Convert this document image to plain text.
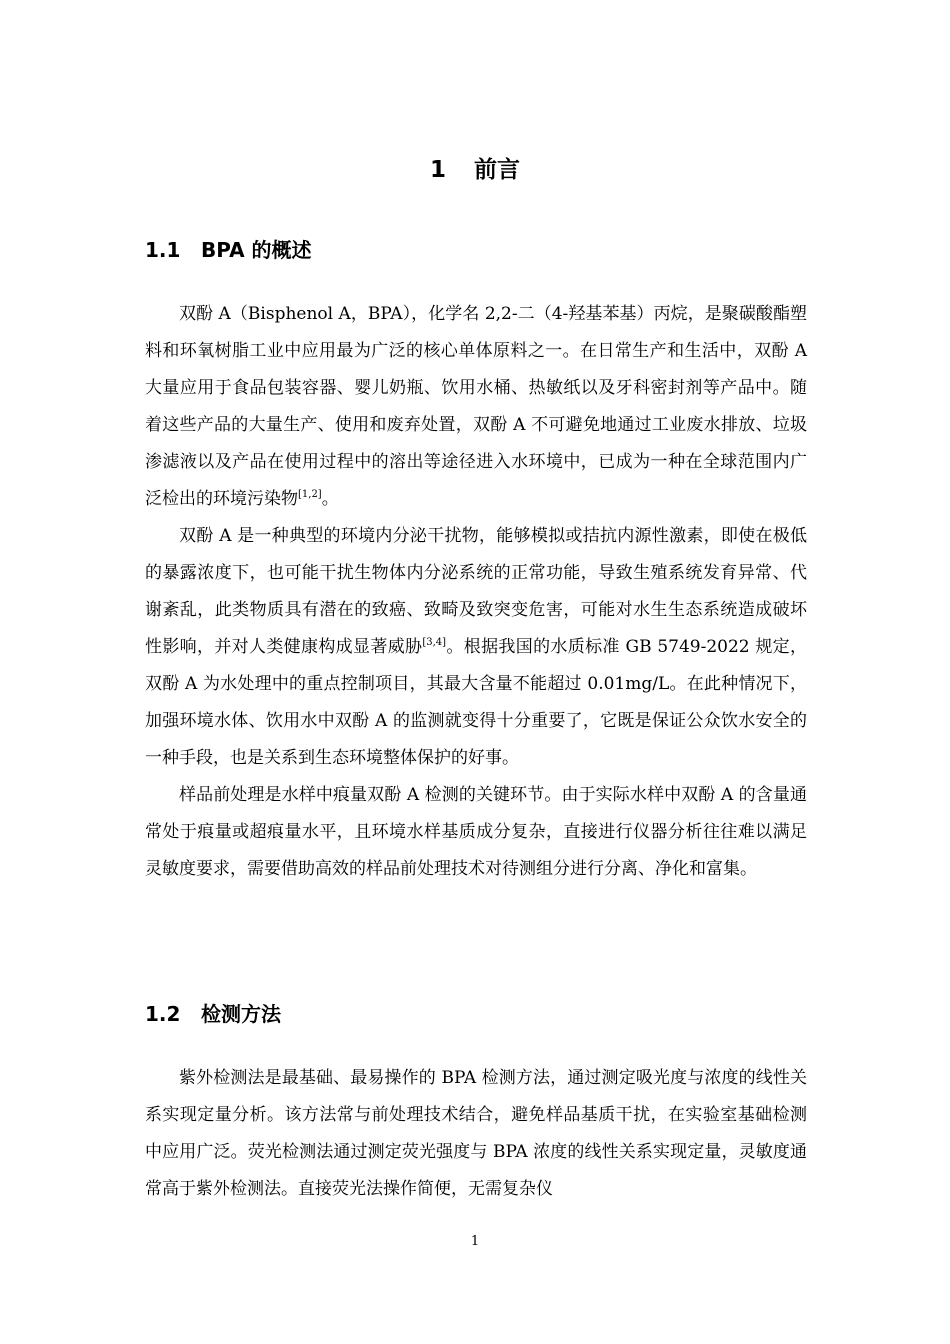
1 前言
1.1 BPA 的概述

双酚 A（Bisphenol A，BPA），化学名 2,2-二（4-羟基苯基）丙烷，是聚碳酸酯塑料和环氧树脂工业中应用最为广泛的核心单体原料之一。在日常生产和生活中，双酚 A 大量应用于食品包装容器、婴儿奶瓶、饮用水桶、热敏纸以及牙科密封剂等产品中。随着这些产品的大量生产、使用和废弃处置，双酚 A 不可避免地通过工业废水排放、垃圾渗滤液以及产品在使用过程中的溶出等途径进入水环境中，已成为一种在全球范围内广泛检出的环境污染物[1,2]。

双酚 A 是一种典型的环境内分泌干扰物，能够模拟或拮抗内源性激素，即使在极低的暴露浓度下，也可能干扰生物体内分泌系统的正常功能，导致生殖系统发育异常、代谢紊乱，此类物质具有潜在的致癌、致畸及致突变危害，可能对水生生态系统造成破坏性影响，并对人类健康构成显著威胁[3,4]。根据我国的水质标准 GB 5749-2022 规定，双酚 A 为水处理中的重点控制项目，其最大含量不能超过 0.01mg/L。在此种情况下，加强环境水体、饮用水中双酚 A 的监测就变得十分重要了，它既是保证公众饮水安全的一种手段，也是关系到生态环境整体保护的好事。

样品前处理是水样中痕量双酚 A 检测的关键环节。由于实际水样中双酚 A 的含量通常处于痕量或超痕量水平，且环境水样基质成分复杂，直接进行仪器分析往往难以满足灵敏度要求，需要借助高效的样品前处理技术对待测组分进行分离、净化和富集。

1.2 检测方法

紫外检测法是最基础、最易操作的 BPA 检测方法，通过测定吸光度与浓度的线性关系实现定量分析。该方法常与前处理技术结合，避免样品基质干扰，在实验室基础检测中应用广泛。荧光检测法通过测定荧光强度与 BPA 浓度的线性关系实现定量，灵敏度通常高于紫外检测法。直接荧光法操作简便，无需复杂仪

1
